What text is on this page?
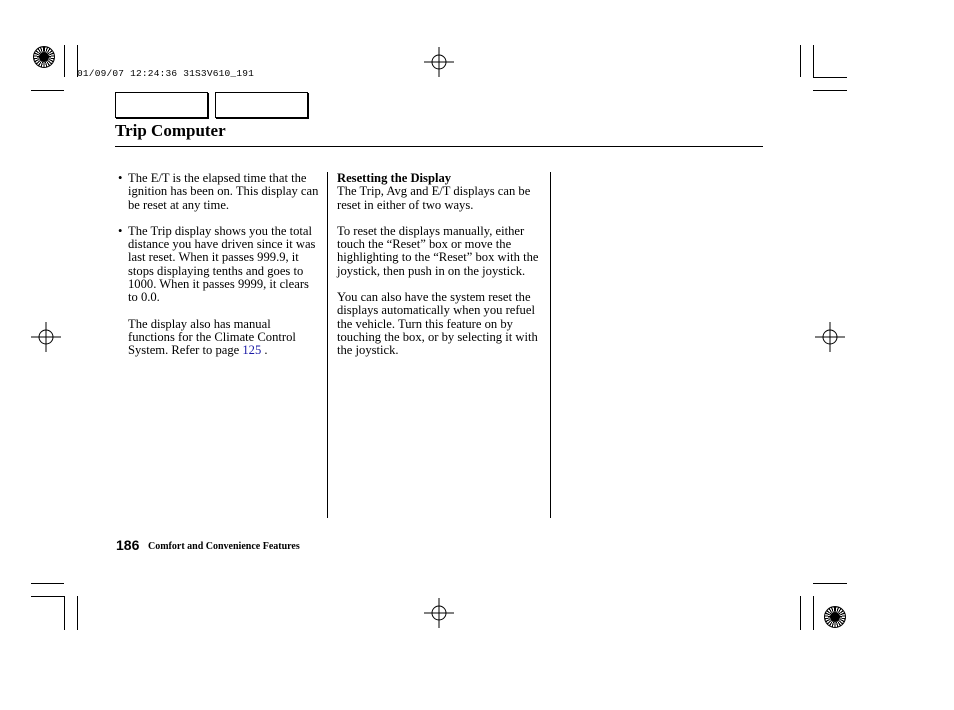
01/09/07 12:24:36 31S3V610_191
Trip Computer
• The E/T is the elapsed time that the ignition has been on. This display can be reset at any time.
• The Trip display shows you the total distance you have driven since it was last reset. When it passes 999.9, it stops displaying tenths and goes to 1000. When it passes 9999, it clears to 0.0.
The display also has manual functions for the Climate Control System. Refer to page 125 .
Resetting the Display
The Trip, Avg and E/T displays can be reset in either of two ways.
To reset the displays manually, either touch the “Reset” box or move the highlighting to the “Reset” box with the joystick, then push in on the joystick.
You can also have the system reset the displays automatically when you refuel the vehicle. Turn this feature on by touching the box, or by selecting it with the joystick.
186 Comfort and Convenience Features
